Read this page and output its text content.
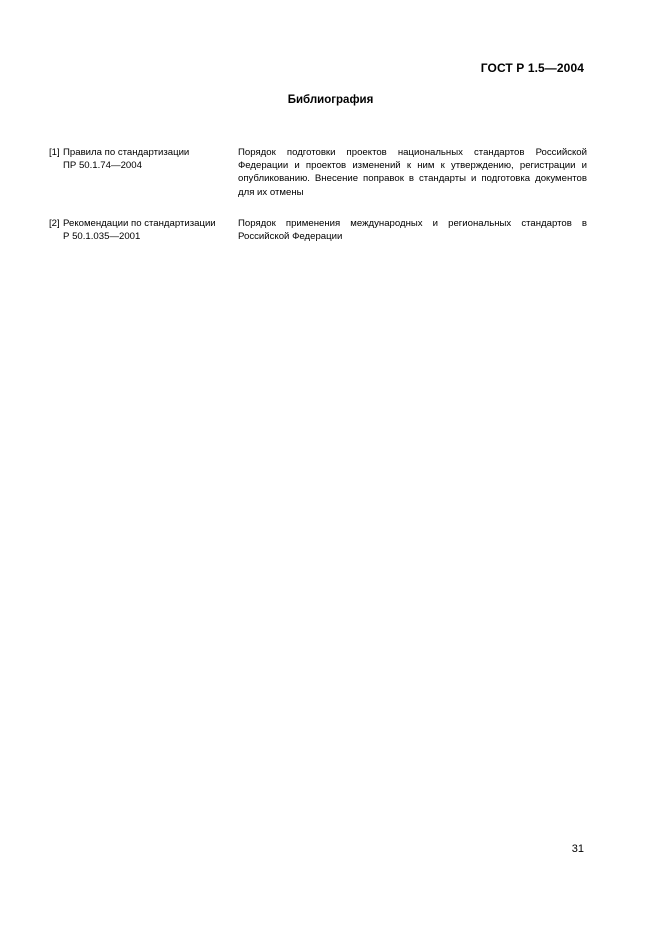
ГОСТ Р 1.5—2004
Библиография
[1] Правила по стандартизации
ПР 50.1.74—2004
Порядок подготовки проектов национальных стандартов Российской Федерации и проектов изменений к ним к утверждению, регистрации и опубликованию. Внесение поправок в стандарты и подготовка документов для их отмены
[2] Рекомендации по стандартизации
Р 50.1.035—2001
Порядок применения международных и региональных стандартов в Российской Федерации
31
